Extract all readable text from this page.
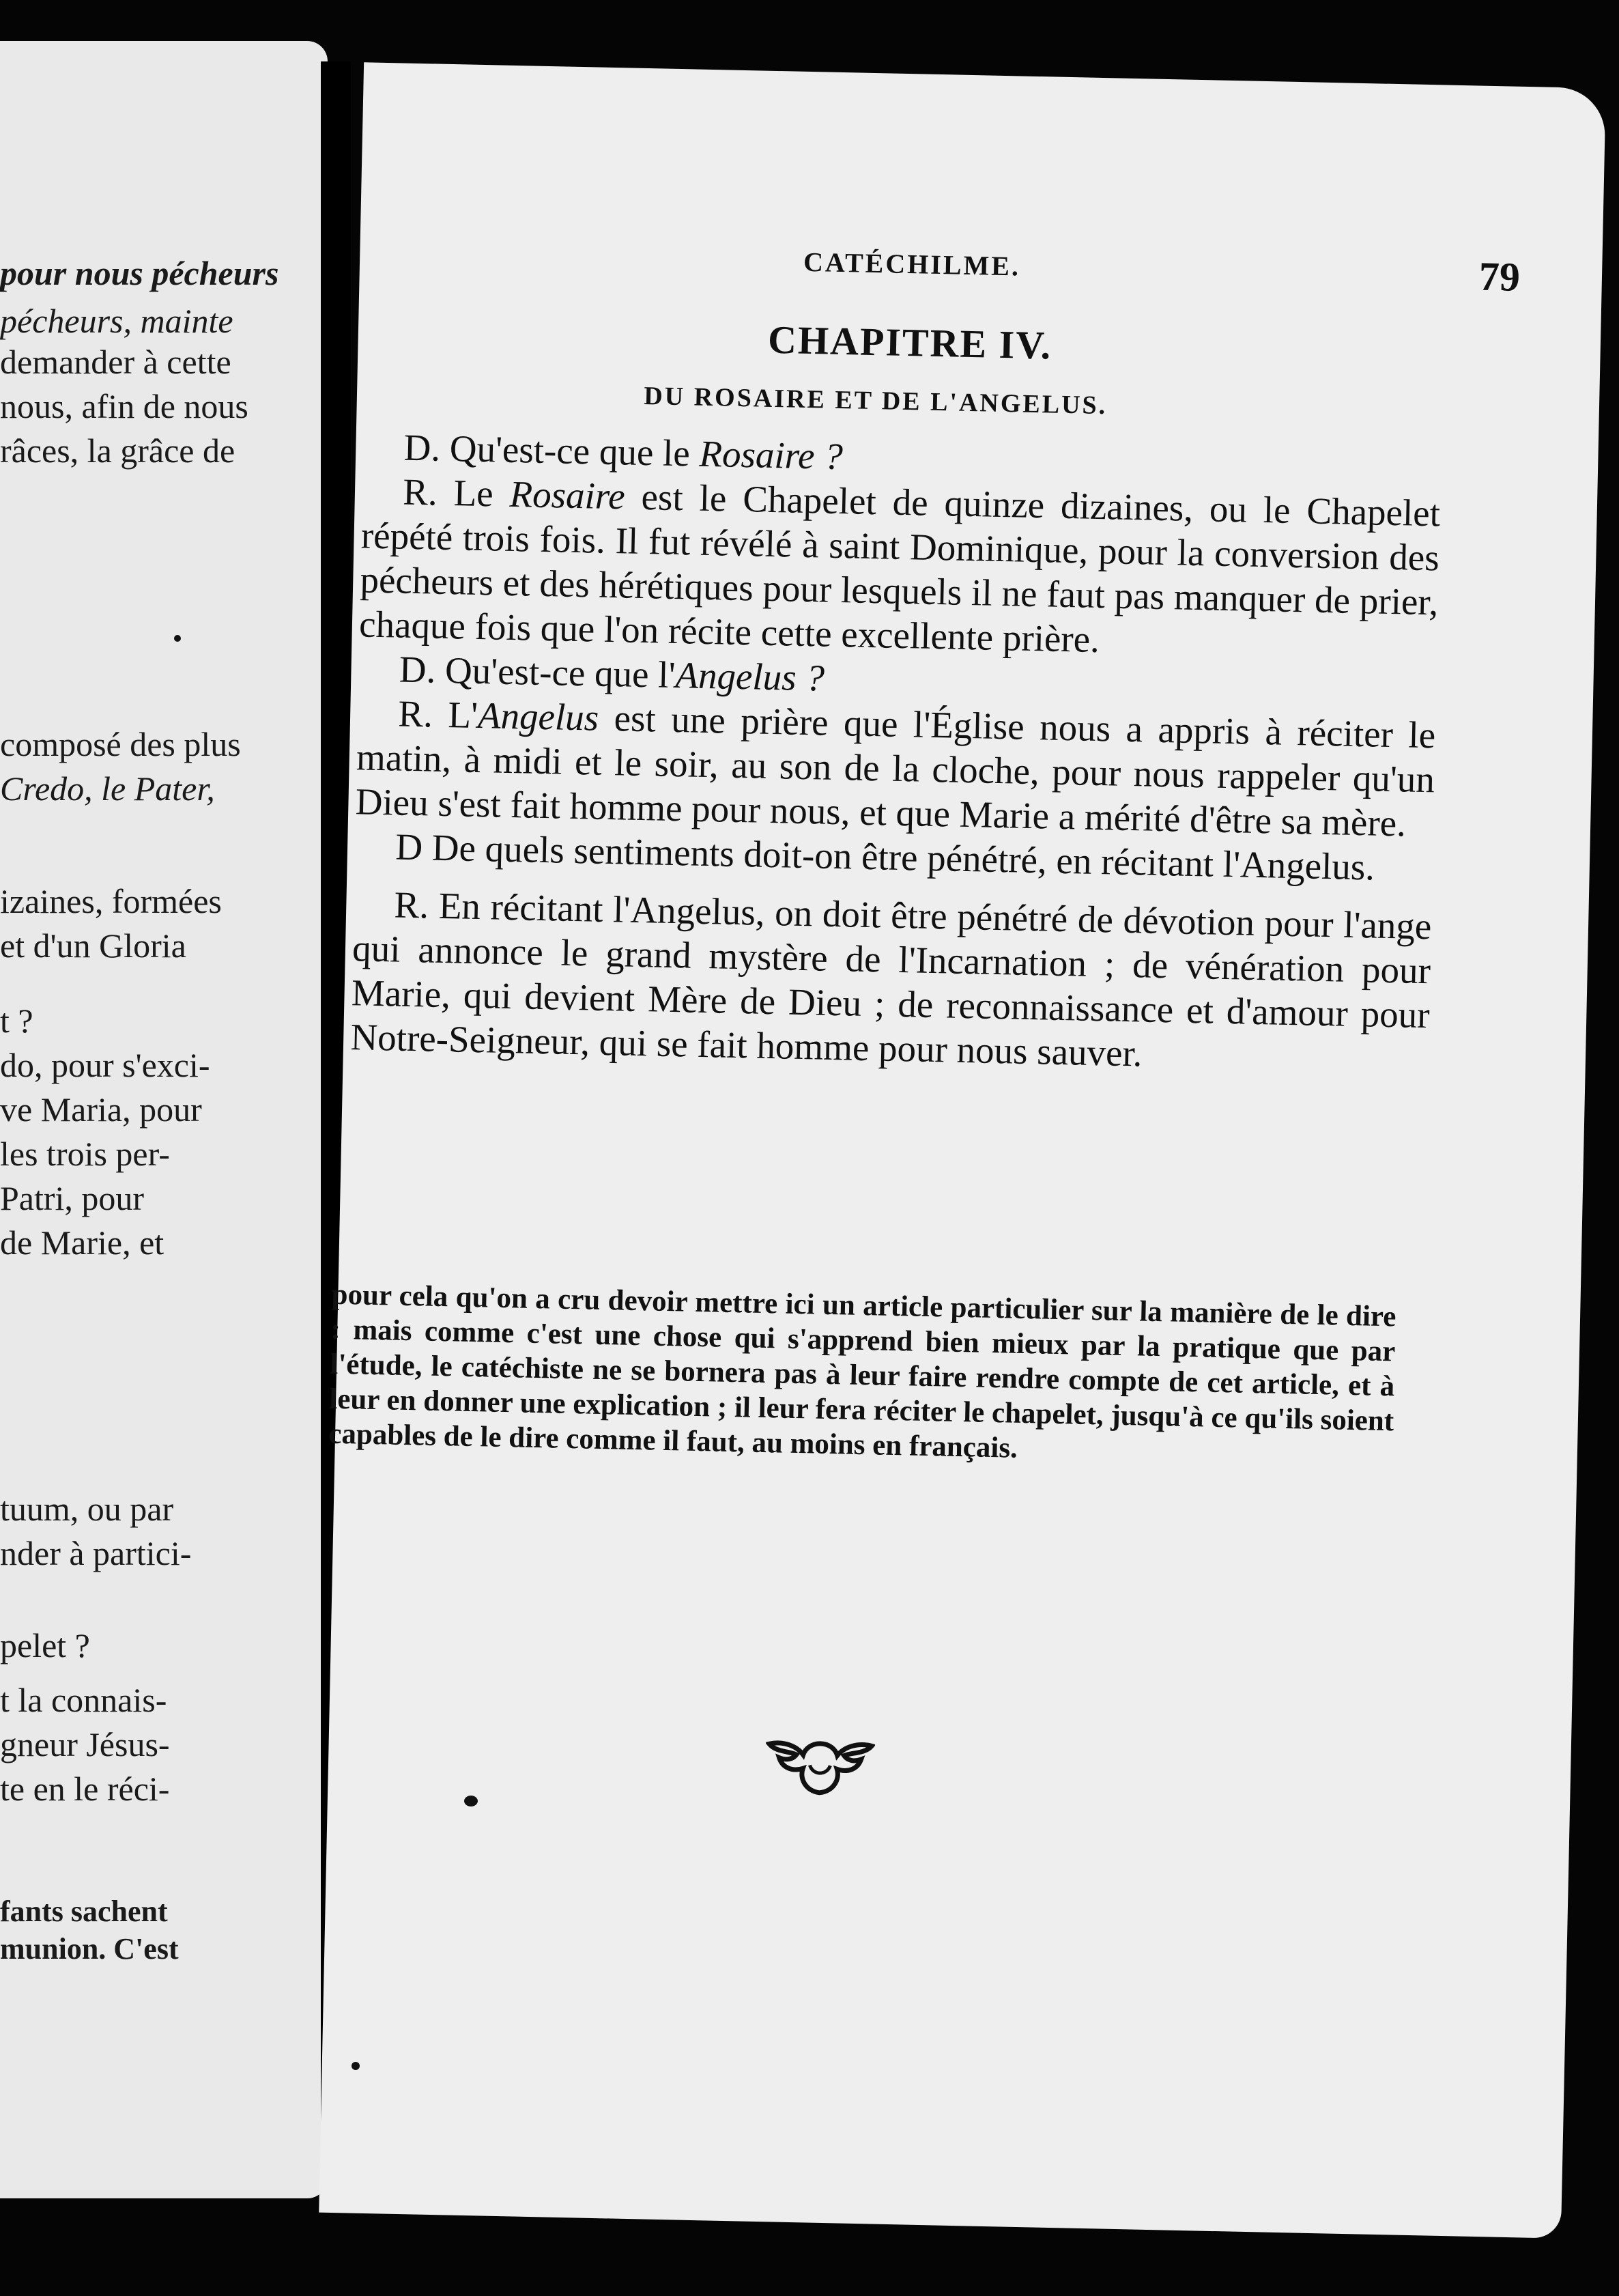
pour nous pécheurs
pécheurs, mainte
demander à cette
nous, afin de nous
râces, la grâce de
composé des plus
Credo, le Pater,
izaines, formées
et d'un Gloria
t ?
do, pour s'exci-
ve Maria, pour
les trois per-
Patri, pour
de Marie, et
tuum, ou par
nder à partici-
pelet ?
t la connais-
gneur Jésus-
te en le réci-
fants sachent
munion. C'est
CATÉCHILME.	79
CHAPITRE IV.
DU ROSAIRE ET DE L'ANGELUS.

D. Qu'est-ce que le Rosaire ?

R. Le Rosaire est le Chapelet de quinze dizaines, ou le Chapelet répété trois fois. Il fut révélé à saint Dominique, pour la conversion des pécheurs et des hérétiques pour lesquels il ne faut pas manquer de prier, chaque fois que l'on récite cette excellente prière.

D. Qu'est-ce que l'Angelus ?

R. L'Angelus est une prière que l'Église nous a appris à réciter le matin, à midi et le soir, au son de la cloche, pour nous rappeler qu'un Dieu s'est fait homme pour nous, et que Marie a mérité d'être sa mère.

D De quels sentiments doit-on être pénétré, en récitant l'Angelus.

R. En récitant l'Angelus, on doit être pénétré de dévotion pour l'ange qui annonce le grand mystère de l'Incarnation ; de vénération pour Marie, qui devient Mère de Dieu ; de reconnaissance et d'amour pour Notre-Seigneur, qui se fait homme pour nous sauver.

pour cela qu'on a cru devoir mettre ici un article particulier sur la manière de le dire : mais comme c'est une chose qui s'apprend bien mieux par la pratique que par l'étude, le catéchiste ne se bornera pas à leur faire rendre compte de cet article, et à leur en donner une explication ; il leur fera réciter le chapelet, jusqu'à ce qu'ils soient capables de le dire comme il faut, au moins en français.
